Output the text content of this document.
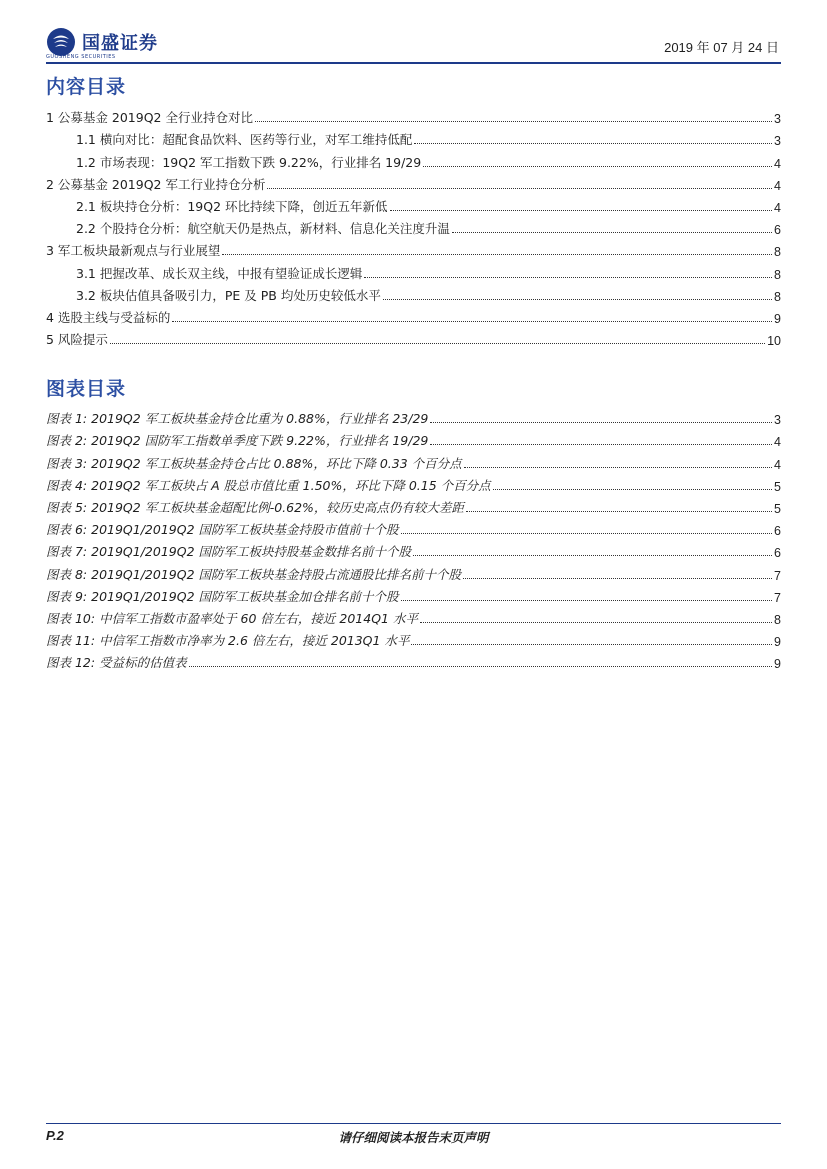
国盛证券
GUOSHENG SECURITIES
2019 年 07 月 24 日
内容目录
1 公募基金 2019Q2 全行业持仓对比	3
1.1 横向对比：超配食品饮料、医药等行业，对军工维持低配	3
1.2 市场表现：19Q2 军工指数下跌 9.22%，行业排名 19/29	4
2 公募基金 2019Q2 军工行业持仓分析	4
2.1 板块持仓分析：19Q2 环比持续下降，创近五年新低	4
2.2 个股持仓分析：航空航天仍是热点，新材料、信息化关注度升温	6
3 军工板块最新观点与行业展望	8
3.1 把握改革、成长双主线，中报有望验证成长逻辑	8
3.2 板块估值具备吸引力，PE 及 PB 均处历史较低水平	8
4 选股主线与受益标的	9
5 风险提示	10
图表目录
图表 1: 2019Q2 军工板块基金持仓比重为 0.88%，行业排名 23/29	3
图表 2: 2019Q2 国防军工指数单季度下跌 9.22%，行业排名 19/29	4
图表 3: 2019Q2 军工板块基金持仓占比 0.88%，环比下降 0.33 个百分点	4
图表 4: 2019Q2 军工板块占 A 股总市值比重 1.50%，环比下降 0.15 个百分点	5
图表 5: 2019Q2 军工板块基金超配比例-0.62%，较历史高点仍有较大差距	5
图表 6: 2019Q1/2019Q2 国防军工板块基金持股市值前十个股	6
图表 7: 2019Q1/2019Q2 国防军工板块持股基金数排名前十个股	6
图表 8: 2019Q1/2019Q2 国防军工板块基金持股占流通股比排名前十个股	7
图表 9: 2019Q1/2019Q2 国防军工板块基金加仓排名前十个股	7
图表 10: 中信军工指数市盈率处于 60 倍左右，接近 2014Q1 水平	8
图表 11: 中信军工指数市净率为 2.6 倍左右，接近 2013Q1 水平	9
图表 12: 受益标的估值表	9
P.2	请仔细阅读本报告末页声明
